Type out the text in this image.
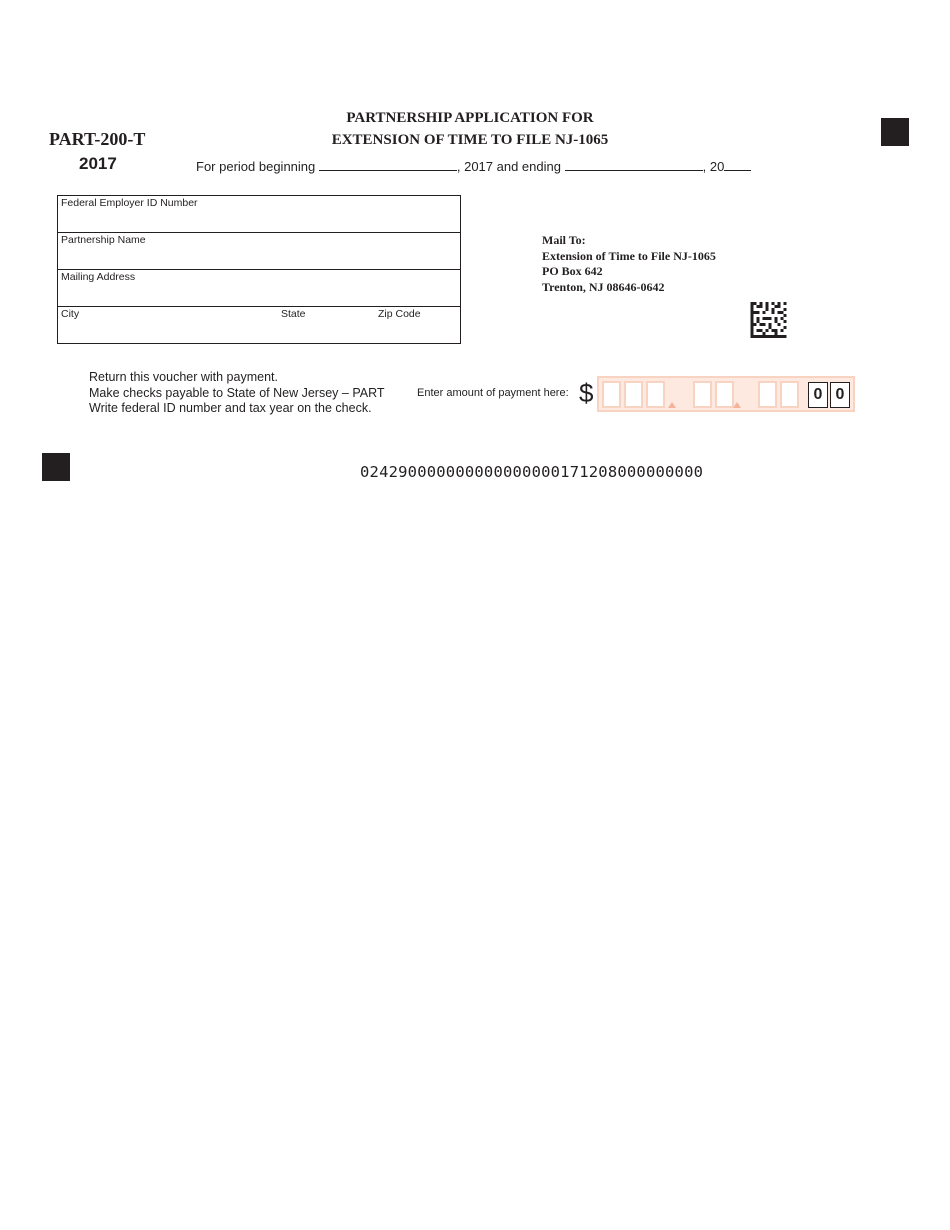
PARTNERSHIP APPLICATION FOR
EXTENSION OF TIME TO FILE NJ-1065
PART-200-T
2017	For period beginning	, 2017 and ending	, 20
Federal Employer ID Number
Partnership Name
Mailing Address
City	State	Zip Code
Mail To:
Extension of Time to File NJ-1065
PO Box 642
Trenton, NJ 08646-0642
Return this voucher with payment.
Make checks payable to State of New Jersey – PART
Write federal ID number and tax year on the check.
Enter amount of payment here: $	0 0
024290000000000000000171208000000000
